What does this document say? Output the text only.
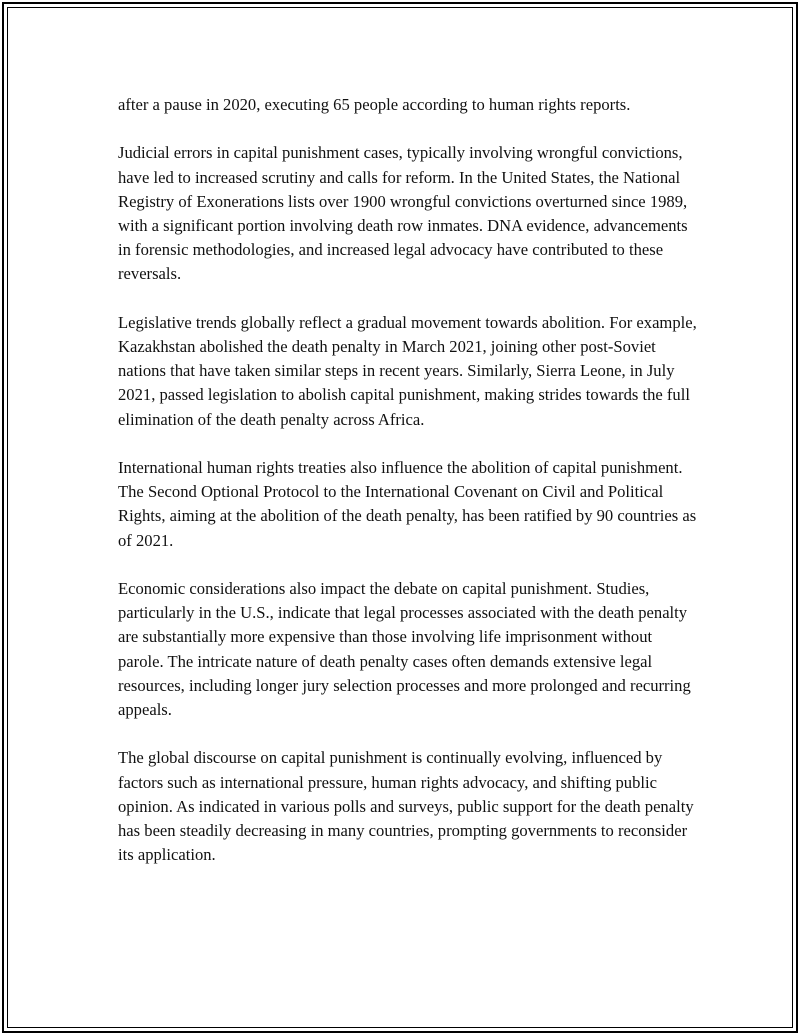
after a pause in 2020, executing 65 people according to human rights reports.

Judicial errors in capital punishment cases, typically involving wrongful convictions, have led to increased scrutiny and calls for reform. In the United States, the National Registry of Exonerations lists over 1900 wrongful convictions overturned since 1989, with a significant portion involving death row inmates. DNA evidence, advancements in forensic methodologies, and increased legal advocacy have contributed to these reversals.

Legislative trends globally reflect a gradual movement towards abolition. For example, Kazakhstan abolished the death penalty in March 2021, joining other post-Soviet nations that have taken similar steps in recent years. Similarly, Sierra Leone, in July 2021, passed legislation to abolish capital punishment, making strides towards the full elimination of the death penalty across Africa.

International human rights treaties also influence the abolition of capital punishment. The Second Optional Protocol to the International Covenant on Civil and Political Rights, aiming at the abolition of the death penalty, has been ratified by 90 countries as of 2021.

Economic considerations also impact the debate on capital punishment. Studies, particularly in the U.S., indicate that legal processes associated with the death penalty are substantially more expensive than those involving life imprisonment without parole. The intricate nature of death penalty cases often demands extensive legal resources, including longer jury selection processes and more prolonged and recurring appeals.

The global discourse on capital punishment is continually evolving, influenced by factors such as international pressure, human rights advocacy, and shifting public opinion. As indicated in various polls and surveys, public support for the death penalty has been steadily decreasing in many countries, prompting governments to reconsider its application.
